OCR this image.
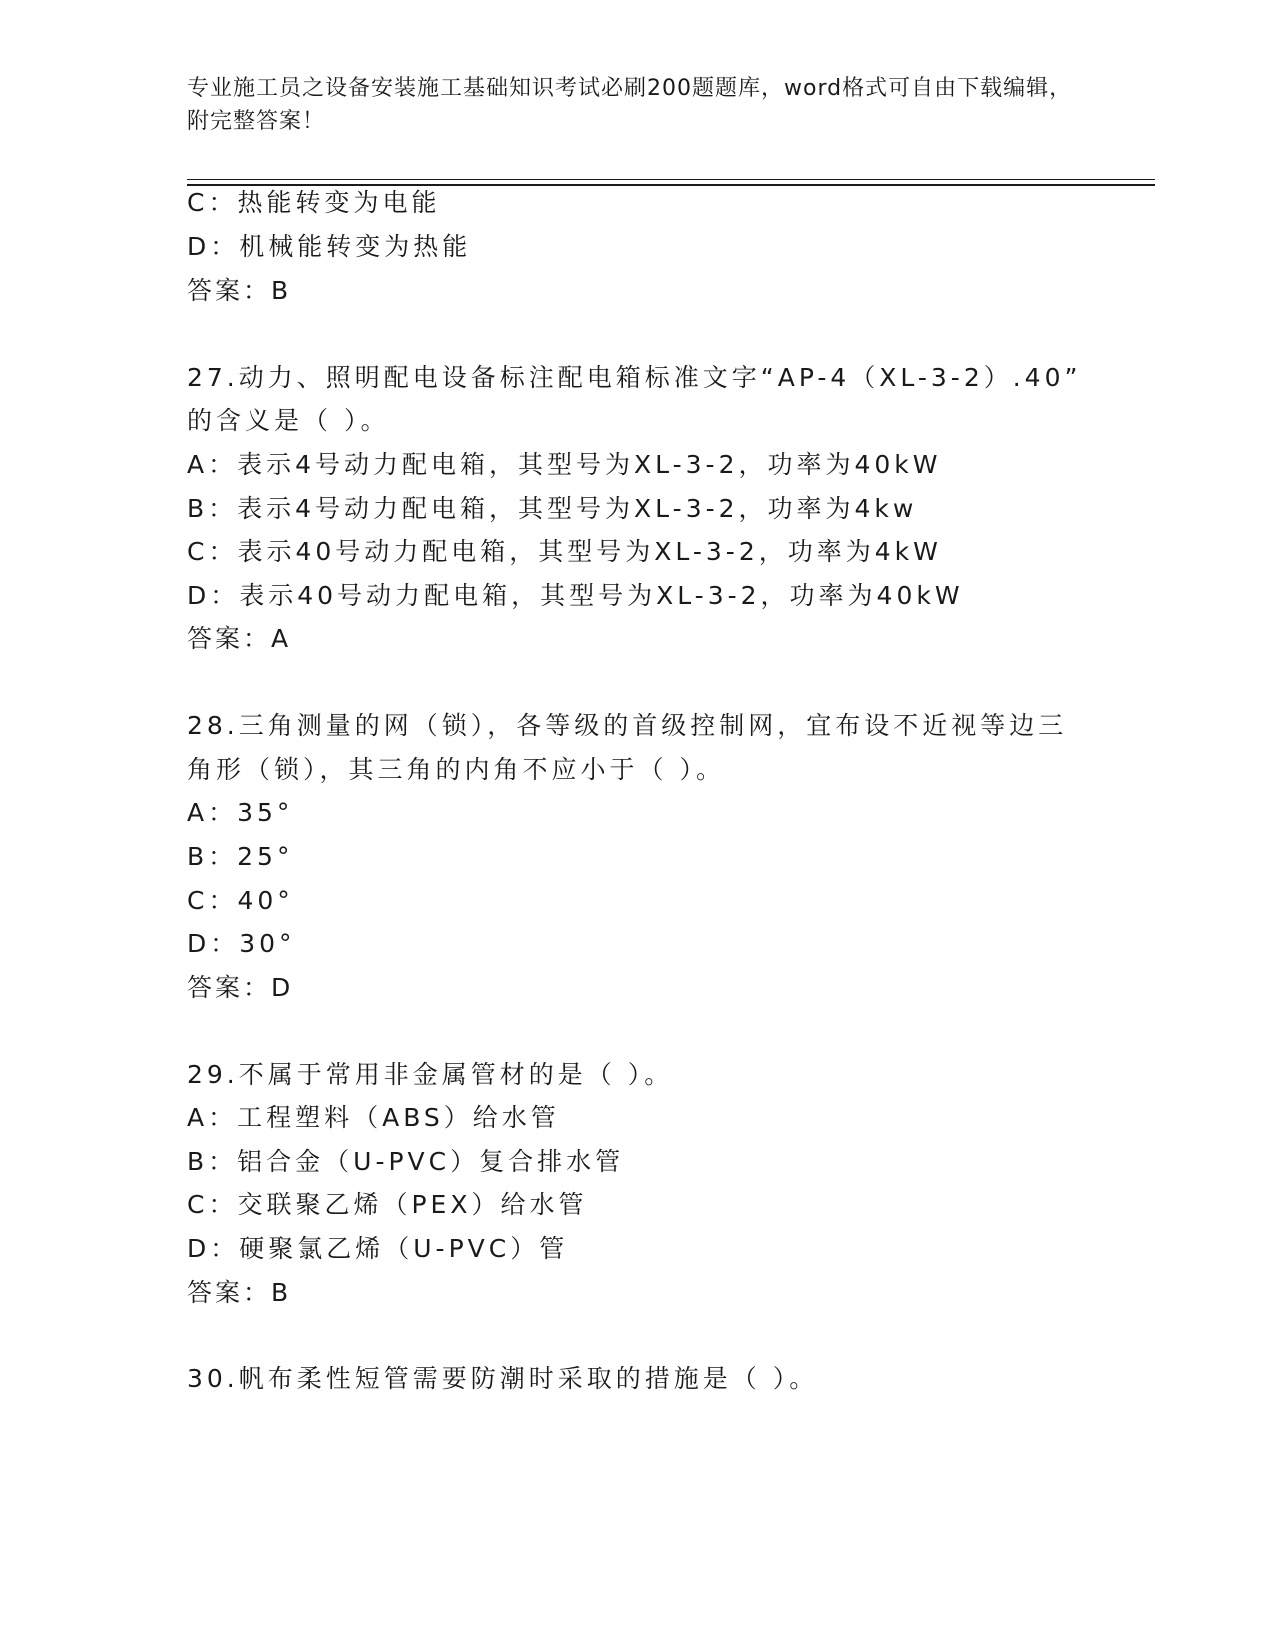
专业施工员之设备安装施工基础知识考试必刷200题题库，word格式可自由下载编辑，附完整答案！
C：热能转变为电能
D：机械能转变为热能
答案：B
27.动力、照明配电设备标注配电箱标准文字“AP-4（XL-3-2）.40”
的含义是（ ）。
A：表示4号动力配电箱，其型号为XL-3-2，功率为40kW
B：表示4号动力配电箱，其型号为XL-3-2，功率为4kw
C：表示40号动力配电箱，其型号为XL-3-2，功率为4kW
D：表示40号动力配电箱，其型号为XL-3-2，功率为40kW
答案：A
28.三角测量的网（锁），各等级的首级控制网，宜布设不近视等边三
角形（锁），其三角的内角不应小于（ ）。
A：35°
B：25°
C：40°
D：30°
答案：D
29.不属于常用非金属管材的是（ ）。
A：工程塑料（ABS）给水管
B：铝合金（U-PVC）复合排水管
C：交联聚乙烯（PEX）给水管
D：硬聚氯乙烯（U-PVC）管
答案：B
30.帆布柔性短管需要防潮时采取的措施是（ ）。
